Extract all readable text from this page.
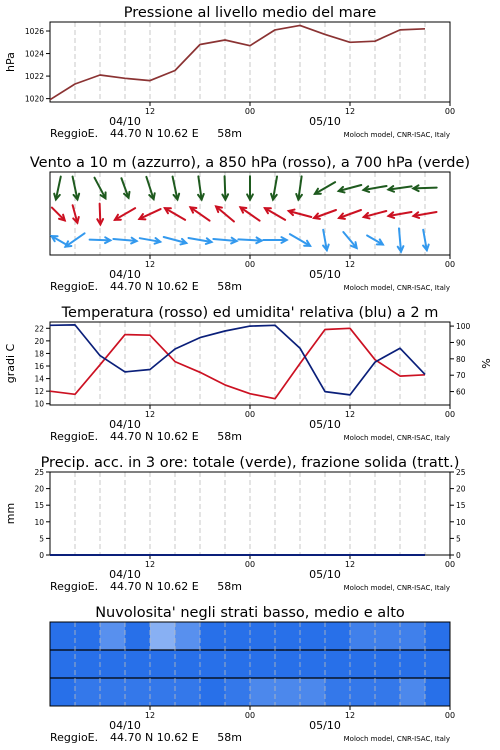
Pressione al livello medio del mare
12	00	12	00
04/10	05/10
ReggioE. 44.70 N 10.62 E 58m	Moloch model, CNR-ISAC, Italy
1020
1022
1024
1026
hPa
Vento a 10 m (azzurro), a 850 hPa (rosso), a 700 hPa (verde)
12	00	12	00
04/10	05/10
ReggioE. 44.70 N 10.62 E 58m	Moloch model, CNR-ISAC, Italy
Temperatura (rosso) ed umidita' relativa (blu) a 2 m
12	00	12	00
04/10	05/10
ReggioE. 44.70 N 10.62 E 58m	Moloch model, CNR-ISAC, Italy
10
12
14
16
18
20
22
60
70
80
90
100
gradi C	%
Precip. acc. in 3 ore: totale (verde), frazione solida (tratt.)
12	00	12	00
04/10	05/10
ReggioE. 44.70 N 10.62 E 58m	Moloch model, CNR-ISAC, Italy
0
5
10
15
20
25
0
5
10
15
20
25
mm
Nuvolosita' negli strati basso, medio e alto
12	00	12	00
04/10	05/10
ReggioE. 44.70 N 10.62 E 58m	Moloch model, CNR-ISAC, Italy
